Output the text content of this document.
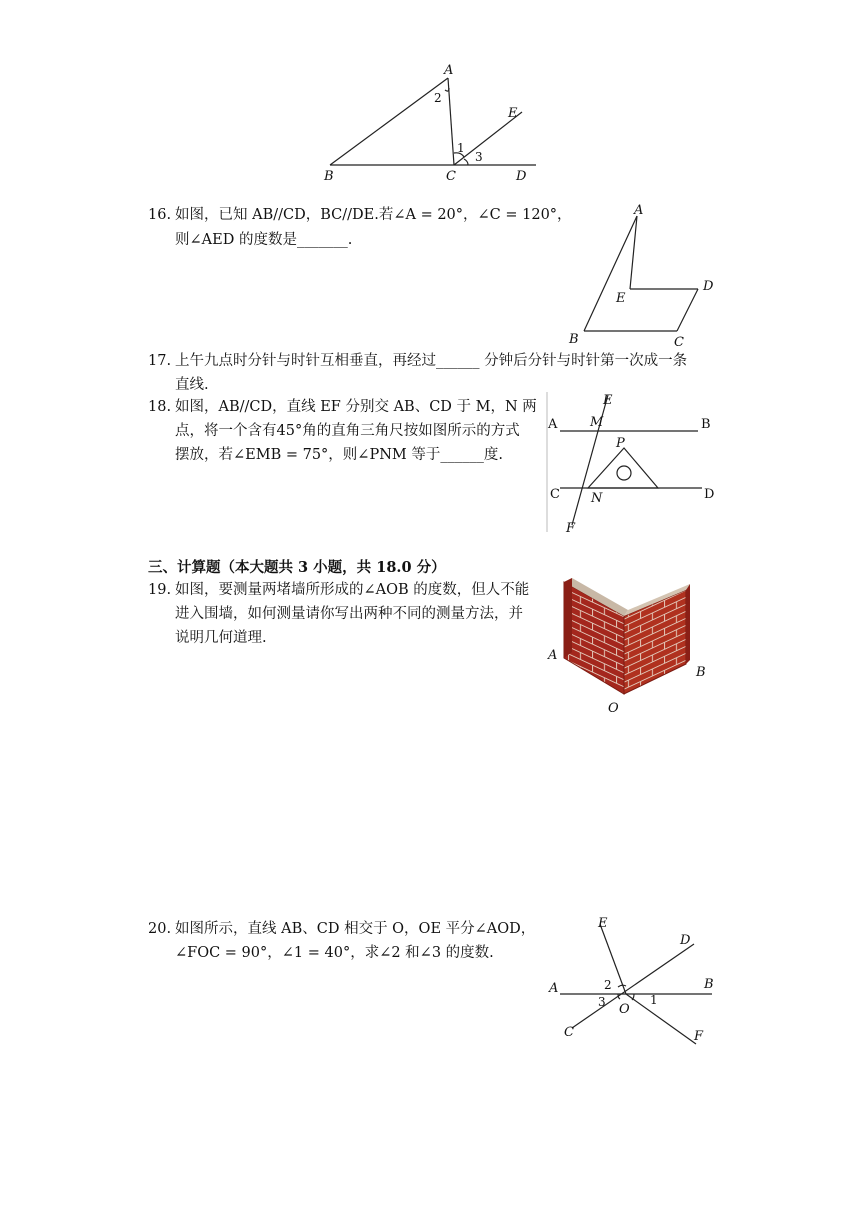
A
B	C	D
E
1
2
3
16. 如图，已知 AB//CD，BC//DE.若∠A = 20°，∠C = 120°，
则∠AED 的度数是_______.
A
B	C
D
E
17. 上午九点时分针与时针互相垂直，再经过______ 分钟后分针与时针第一次成一条
直线.
18. 如图，AB//CD，直线 EF 分别交 AB、CD 于 M，N 两
点，将一个含有45°角的直角三角尺按如图所示的方式
摆放，若∠EMB = 75°，则∠PNM 等于______度.
A	B
C	D
E
F
M
N
P
三、计算题（本大题共 3 小题，共 18.0 分）
19. 如图，要测量两堵墙所形成的∠AOB 的度数，但人不能
进入围墙，如何测量请你写出两种不同的测量方法，并
说明几何道理.
A
B
O
20. 如图所示，直线 AB、CD 相交于 O，OE 平分∠AOD，
∠FOC = 90°，∠1 = 40°，求∠2 和∠3 的度数.
A	B
C
D
E
F
O
1
2
3
